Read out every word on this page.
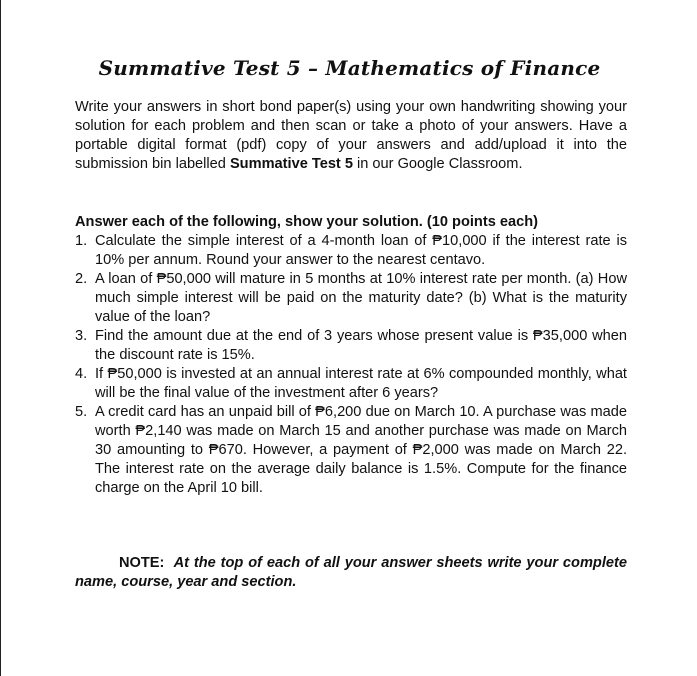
Summative Test 5 – Mathematics of Finance
Write your answers in short bond paper(s) using your own handwriting showing your solution for each problem and then scan or take a photo of your answers. Have a portable digital format (pdf) copy of your answers and add/upload it into the submission bin labelled Summative Test 5 in our Google Classroom.
Answer each of the following, show your solution. (10 points each)
1. Calculate the simple interest of a 4-month loan of ₱10,000 if the interest rate is 10% per annum. Round your answer to the nearest centavo.
2. A loan of ₱50,000 will mature in 5 months at 10% interest rate per month. (a) How much simple interest will be paid on the maturity date? (b) What is the maturity value of the loan?
3. Find the amount due at the end of 3 years whose present value is ₱35,000 when the discount rate is 15%.
4. If ₱50,000 is invested at an annual interest rate at 6% compounded monthly, what will be the final value of the investment after 6 years?
5. A credit card has an unpaid bill of ₱6,200 due on March 10. A purchase was made worth ₱2,140 was made on March 15 and another purchase was made on March 30 amounting to ₱670. However, a payment of ₱2,000 was made on March 22. The interest rate on the average daily balance is 1.5%. Compute for the finance charge on the April 10 bill.
NOTE: At the top of each of all your answer sheets write your complete name, course, year and section.
